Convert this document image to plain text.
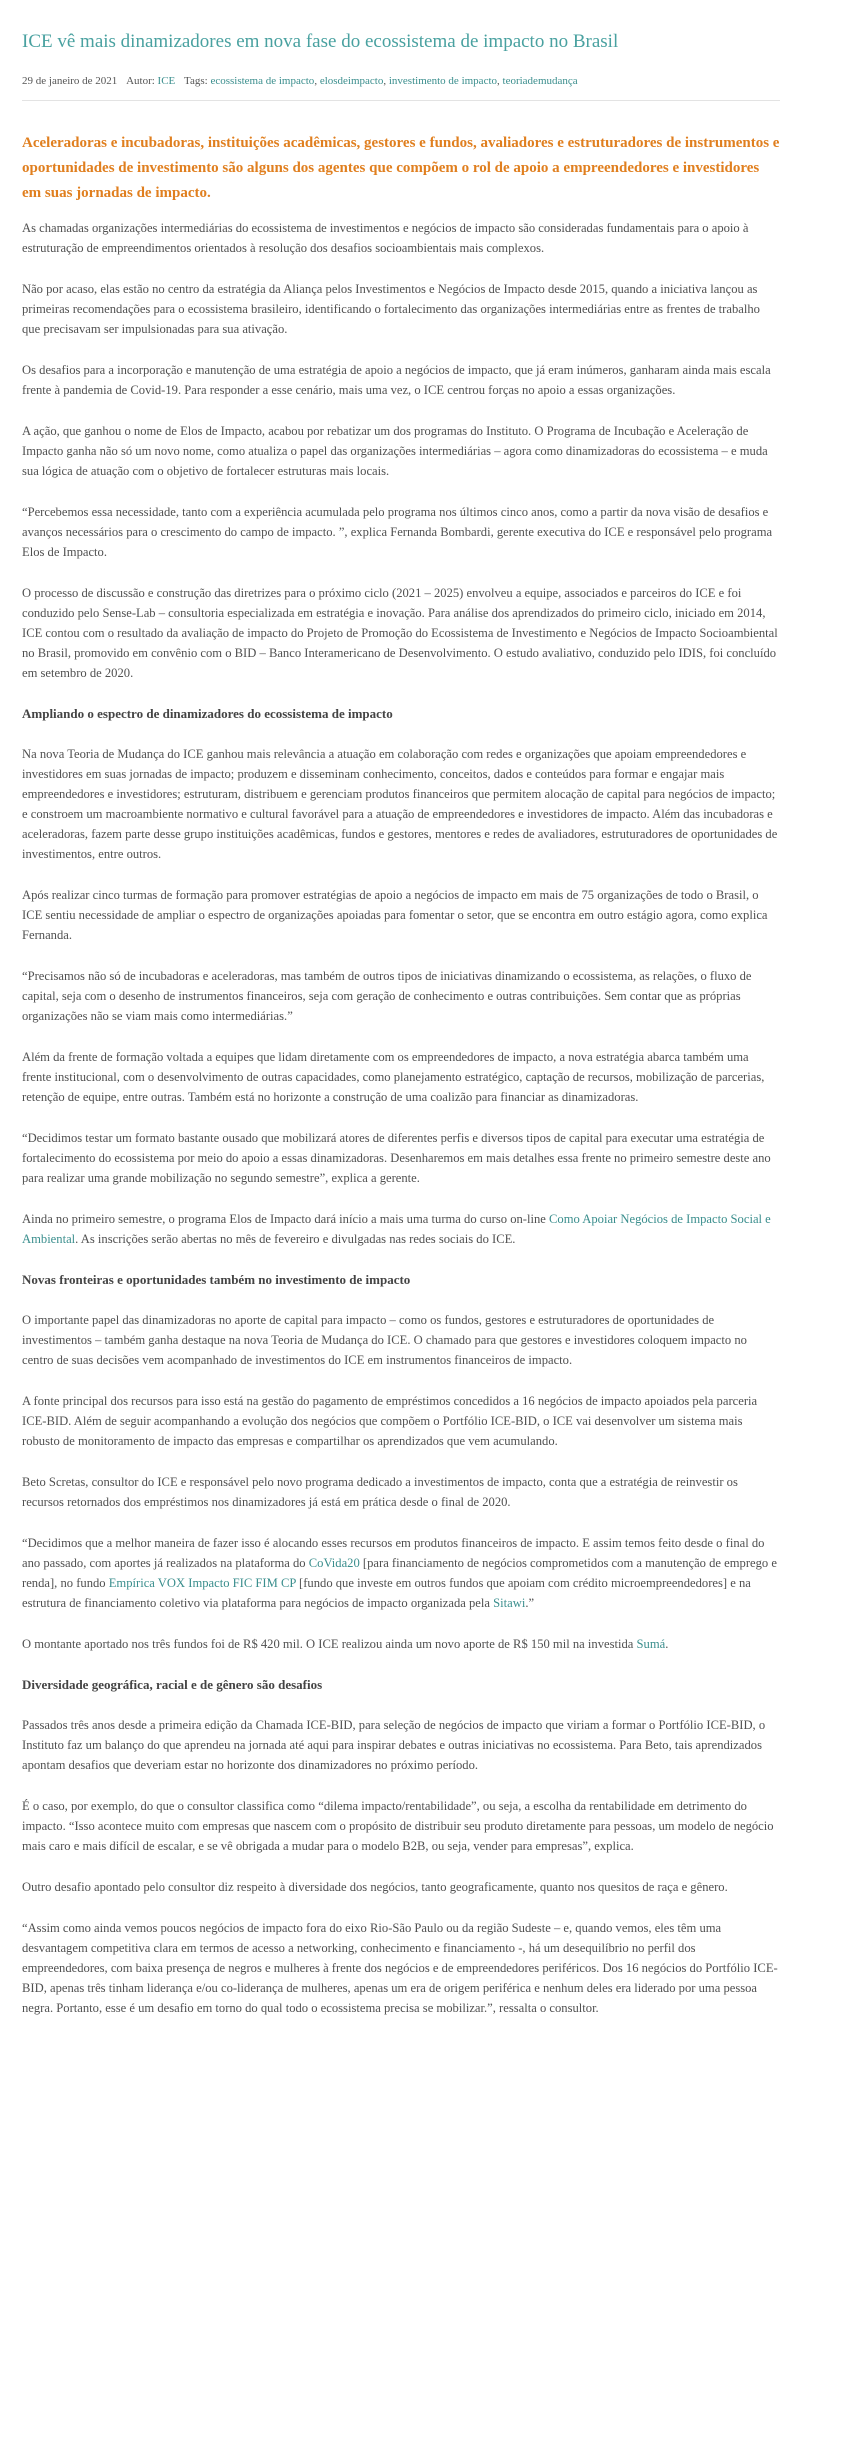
ICE vê mais dinamizadores em nova fase do ecossistema de impacto no Brasil
29 de janeiro de 2021 Autor: ICE Tags: ecossistema de impacto, elosdeimpacto, investimento de impacto, teoriademudança

Aceleradoras e incubadoras, instituições acadêmicas, gestores e fundos, avaliadores e estruturadores de instrumentos e oportunidades de investimento são alguns dos agentes que compõem o rol de apoio a empreendedores e investidores em suas jornadas de impacto.

As chamadas organizações intermediárias do ecossistema de investimentos e negócios de impacto são consideradas fundamentais para o apoio à estruturação de empreendimentos orientados à resolução dos desafios socioambientais mais complexos.

Não por acaso, elas estão no centro da estratégia da Aliança pelos Investimentos e Negócios de Impacto desde 2015, quando a iniciativa lançou as primeiras recomendações para o ecossistema brasileiro, identificando o fortalecimento das organizações intermediárias entre as frentes de trabalho que precisavam ser impulsionadas para sua ativação.

Os desafios para a incorporação e manutenção de uma estratégia de apoio a negócios de impacto, que já eram inúmeros, ganharam ainda mais escala frente à pandemia de Covid-19. Para responder a esse cenário, mais uma vez, o ICE centrou forças no apoio a essas organizações.

A ação, que ganhou o nome de Elos de Impacto, acabou por rebatizar um dos programas do Instituto. O Programa de Incubação e Aceleração de Impacto ganha não só um novo nome, como atualiza o papel das organizações intermediárias – agora como dinamizadoras do ecossistema – e muda sua lógica de atuação com o objetivo de fortalecer estruturas mais locais.

“Percebemos essa necessidade, tanto com a experiência acumulada pelo programa nos últimos cinco anos, como a partir da nova visão de desafios e avanços necessários para o crescimento do campo de impacto. ”, explica Fernanda Bombardi, gerente executiva do ICE e responsável pelo programa Elos de Impacto.

O processo de discussão e construção das diretrizes para o próximo ciclo (2021 – 2025) envolveu a equipe, associados e parceiros do ICE e foi conduzido pelo Sense-Lab – consultoria especializada em estratégia e inovação. Para análise dos aprendizados do primeiro ciclo, iniciado em 2014, ICE contou com o resultado da avaliação de impacto do Projeto de Promoção do Ecossistema de Investimento e Negócios de Impacto Socioambiental no Brasil, promovido em convênio com o BID – Banco Interamericano de Desenvolvimento. O estudo avaliativo, conduzido pelo IDIS, foi concluído em setembro de 2020.

Ampliando o espectro de dinamizadores do ecossistema de impacto

Na nova Teoria de Mudança do ICE ganhou mais relevância a atuação em colaboração com redes e organizações que apoiam empreendedores e investidores em suas jornadas de impacto; produzem e disseminam conhecimento, conceitos, dados e conteúdos para formar e engajar mais empreendedores e investidores; estruturam, distribuem e gerenciam produtos financeiros que permitem alocação de capital para negócios de impacto; e constroem um macroambiente normativo e cultural favorável para a atuação de empreendedores e investidores de impacto. Além das incubadoras e aceleradoras, fazem parte desse grupo instituições acadêmicas, fundos e gestores, mentores e redes de avaliadores, estruturadores de oportunidades de investimentos, entre outros.

Após realizar cinco turmas de formação para promover estratégias de apoio a negócios de impacto em mais de 75 organizações de todo o Brasil, o ICE sentiu necessidade de ampliar o espectro de organizações apoiadas para fomentar o setor, que se encontra em outro estágio agora, como explica Fernanda.

“Precisamos não só de incubadoras e aceleradoras, mas também de outros tipos de iniciativas dinamizando o ecossistema, as relações, o fluxo de capital, seja com o desenho de instrumentos financeiros, seja com geração de conhecimento e outras contribuições. Sem contar que as próprias organizações não se viam mais como intermediárias.”

Além da frente de formação voltada a equipes que lidam diretamente com os empreendedores de impacto, a nova estratégia abarca também uma frente institucional, com o desenvolvimento de outras capacidades, como planejamento estratégico, captação de recursos, mobilização de parcerias, retenção de equipe, entre outras. Também está no horizonte a construção de uma coalizão para financiar as dinamizadoras.

“Decidimos testar um formato bastante ousado que mobilizará atores de diferentes perfis e diversos tipos de capital para executar uma estratégia de fortalecimento do ecossistema por meio do apoio a essas dinamizadoras. Desenharemos em mais detalhes essa frente no primeiro semestre deste ano para realizar uma grande mobilização no segundo semestre”, explica a gerente.

Ainda no primeiro semestre, o programa Elos de Impacto dará início a mais uma turma do curso on-line Como Apoiar Negócios de Impacto Social e Ambiental. As inscrições serão abertas no mês de fevereiro e divulgadas nas redes sociais do ICE.

Novas fronteiras e oportunidades também no investimento de impacto

O importante papel das dinamizadoras no aporte de capital para impacto – como os fundos, gestores e estruturadores de oportunidades de investimentos – também ganha destaque na nova Teoria de Mudança do ICE. O chamado para que gestores e investidores coloquem impacto no centro de suas decisões vem acompanhado de investimentos do ICE em instrumentos financeiros de impacto.

A fonte principal dos recursos para isso está na gestão do pagamento de empréstimos concedidos a 16 negócios de impacto apoiados pela parceria ICE-BID. Além de seguir acompanhando a evolução dos negócios que compõem o Portfólio ICE-BID, o ICE vai desenvolver um sistema mais robusto de monitoramento de impacto das empresas e compartilhar os aprendizados que vem acumulando.

Beto Scretas, consultor do ICE e responsável pelo novo programa dedicado a investimentos de impacto, conta que a estratégia de reinvestir os recursos retornados dos empréstimos nos dinamizadores já está em prática desde o final de 2020.

“Decidimos que a melhor maneira de fazer isso é alocando esses recursos em produtos financeiros de impacto. E assim temos feito desde o final do ano passado, com aportes já realizados na plataforma do CoVida20 [para financiamento de negócios comprometidos com a manutenção de emprego e renda], no fundo Empírica VOX Impacto FIC FIM CP [fundo que investe em outros fundos que apoiam com crédito microempreendedores] e na estrutura de financiamento coletivo via plataforma para negócios de impacto organizada pela Sitawi.”

O montante aportado nos três fundos foi de R$ 420 mil. O ICE realizou ainda um novo aporte de R$ 150 mil na investida Sumá.

Diversidade geográfica, racial e de gênero são desafios

Passados três anos desde a primeira edição da Chamada ICE-BID, para seleção de negócios de impacto que viriam a formar o Portfólio ICE-BID, o Instituto faz um balanço do que aprendeu na jornada até aqui para inspirar debates e outras iniciativas no ecossistema. Para Beto, tais aprendizados apontam desafios que deveriam estar no horizonte dos dinamizadores no próximo período.

É o caso, por exemplo, do que o consultor classifica como “dilema impacto/rentabilidade”, ou seja, a escolha da rentabilidade em detrimento do impacto. “Isso acontece muito com empresas que nascem com o propósito de distribuir seu produto diretamente para pessoas, um modelo de negócio mais caro e mais difícil de escalar, e se vê obrigada a mudar para o modelo B2B, ou seja, vender para empresas”, explica.

Outro desafio apontado pelo consultor diz respeito à diversidade dos negócios, tanto geograficamente, quanto nos quesitos de raça e gênero.

“Assim como ainda vemos poucos negócios de impacto fora do eixo Rio-São Paulo ou da região Sudeste – e, quando vemos, eles têm uma desvantagem competitiva clara em termos de acesso a networking, conhecimento e financiamento -, há um desequilíbrio no perfil dos empreendedores, com baixa presença de negros e mulheres à frente dos negócios e de empreendedores periféricos. Dos 16 negócios do Portfólio ICE-BID, apenas três tinham liderança e/ou co-liderança de mulheres, apenas um era de origem periférica e nenhum deles era liderado por uma pessoa negra. Portanto, esse é um desafio em torno do qual todo o ecossistema precisa se mobilizar.”, ressalta o consultor.
